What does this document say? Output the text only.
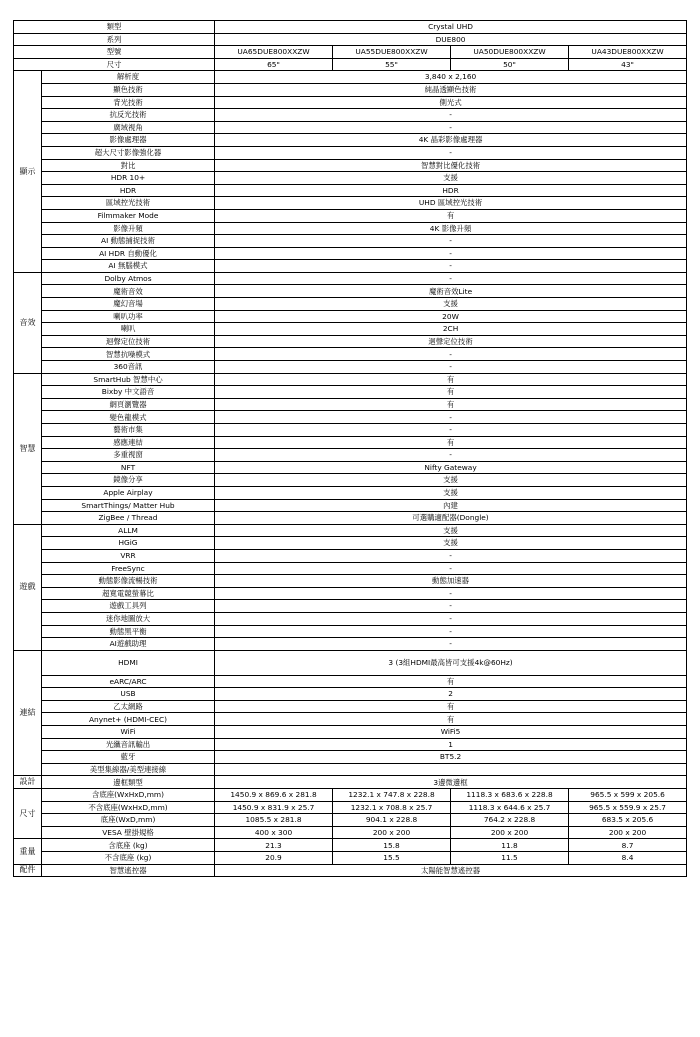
類型		Crystal UHD			
系列		DUE800			
型號		UA65DUE800XXZW	UA55DUE800XXZW	UA50DUE800XXZW	UA43DUE800XXZW
尺寸		65"	55"	50"	43"
顯示	解析度	3,840 x 2,160			
	顯色技術	純晶透顯色技術			
	背光技術	側光式			
	抗反光技術	-			
	廣域視角	-			
	影像處理器	4K 晶彩影像處理器			
	超大尺寸影像強化器	-			
	對比	智慧對比優化技術			
	HDR 10+	支援			
	HDR	HDR			
	區域控光技術	UHD 區域控光技術			
	Filmmaker Mode	有			
	影像升頻	4K 影像升頻			
	AI 動態捕捉技術	-			
	AI HDR 自動優化	-			
	AI 無腦模式	-			
音效	Dolby Atmos	-			
	魔術音效	魔術音效Lite			
	魔幻音場	支援			
	喇叭功率	20W			
	喇叭	2CH			
	迴聲定位技術	迴聲定位技術			
	智慧抗噪模式	-			
	360音訊	-			
智慧	SmartHub 智慧中心	有			
	Bixby 中文語音	有			
	網頁瀏覽器	有			
	變色龍模式	-			
	藝術市集	-			
	感應連結	有			
	多重視窗	-			
	NFT	Nifty Gateway			
	鏡像分享	支援			
	Apple Airplay	支援			
	SmartThings/ Matter Hub	內建			
	ZigBee / Thread	可選購適配器(Dongle)			
遊戲	ALLM	支援			
	HGiG	支援			
	VRR	-			
	FreeSync	-			
	動態影像流暢技術	動態加速器			
	超寬電競螢幕比	-			
	遊戲工具列	-			
	迷你地圖放大	-			
	動態黑平衡	-			
	AI遊戲助理	-			
連結	HDMI	3 (3組HDMI最高皆可支援4k@60Hz)			
	eARC/ARC	有			
	USB	2			
	乙太網路	有			
	Anynet+ (HDMI-CEC)	有			
	WiFi	WiFi5			
	光纖音訊輸出	1			
	藍牙	BT5.2			
	美型集線器/美型連接線				
設計	邊框類型	3邊微邊框			
尺寸	含底座(WxHxD,mm)	1450.9 x 869.6 x 281.8	1232.1 x 747.8 x 228.8	1118.3 x 683.6 x 228.8	965.5 x 599 x 205.6
	不含底座(WxHxD,mm)	1450.9 x 831.9 x 25.7	1232.1 x 708.8 x 25.7	1118.3 x 644.6 x 25.7	965.5 x 559.9 x 25.7
	底座(WxD,mm)	1085.5 x 281.8	904.1 x 228.8	764.2 x 228.8	683.5 x 205.6
	VESA 壁掛規格	400 x 300	200 x 200	200 x 200	200 x 200
重量	含底座 (kg)	21.3	15.8	11.8	8.7
	不含底座 (kg)	20.9	15.5	11.5	8.4
配件	智慧遙控器	太陽能智慧遙控器			
